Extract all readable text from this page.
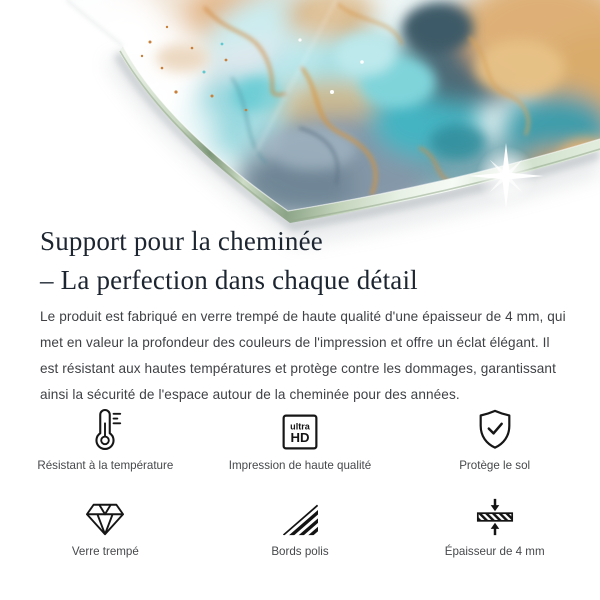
Support pour la cheminée
– La perfection dans chaque détail

Le produit est fabriqué en verre trempé de haute qualité d'une épaisseur de 4 mm, qui met en valeur la profondeur des couleurs de l'impression et offre un éclat élégant. Il est résistant aux hautes températures et protège contre les dommages, garantissant ainsi la sécurité de l'espace autour de la cheminée pour des années.

Résistant à la température
ultra
HD
Impression de haute qualité	Protège le sol
Verre trempé	Bords polis	Épaisseur de 4 mm
